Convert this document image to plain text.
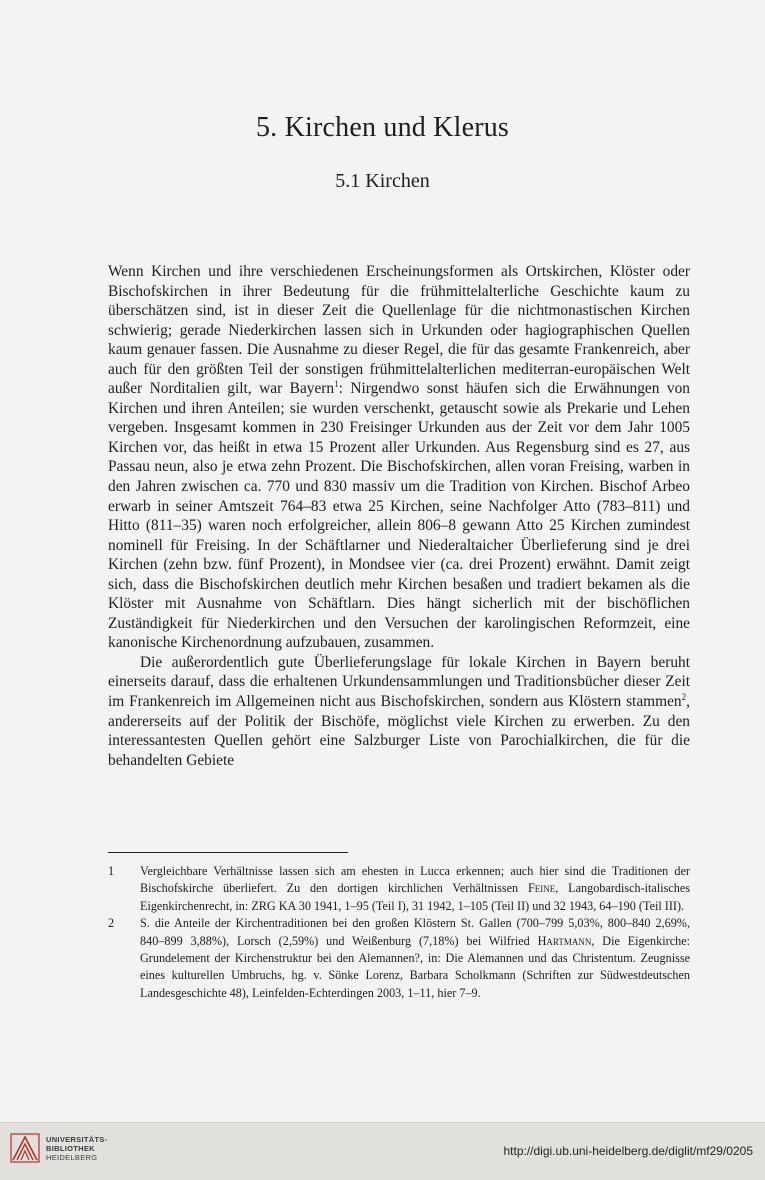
5. Kirchen und Klerus
5.1 Kirchen

Wenn Kirchen und ihre verschiedenen Erscheinungsformen als Ortskirchen, Klöster oder Bischofskirchen in ihrer Bedeutung für die frühmittelalterliche Geschichte kaum zu überschätzen sind, ist in dieser Zeit die Quellenlage für die nichtmonastischen Kirchen schwierig; gerade Niederkirchen lassen sich in Urkunden oder hagiographischen Quellen kaum genauer fassen. Die Ausnahme zu dieser Regel, die für das gesamte Frankenreich, aber auch für den größten Teil der sonstigen frühmittelalterlichen mediterran-europäischen Welt außer Norditalien gilt, war Bayern$^1$: Nirgendwo sonst häufen sich die Erwähnungen von Kirchen und ihren Anteilen; sie wurden verschenkt, getauscht sowie als Prekarie und Lehen vergeben. Insgesamt kommen in 230 Freisinger Urkunden aus der Zeit vor dem Jahr 1005 Kirchen vor, das heißt in etwa 15 Prozent aller Urkunden. Aus Regensburg sind es 27, aus Passau neun, also je etwa zehn Prozent. Die Bischofskirchen, allen voran Freising, warben in den Jahren zwischen ca. 770 und 830 massiv um die Tradition von Kirchen. Bischof Arbeo erwarb in seiner Amtszeit 764–83 etwa 25 Kirchen, seine Nachfolger Atto (783–811) und Hitto (811–35) waren noch erfolgreicher, allein 806–8 gewann Atto 25 Kirchen zumindest nominell für Freising. In der Schäftlarner und Niederaltaicher Überlieferung sind je drei Kirchen (zehn bzw. fünf Prozent), in Mondsee vier (ca. drei Prozent) erwähnt. Damit zeigt sich, dass die Bischofskirchen deutlich mehr Kirchen besaßen und tradiert bekamen als die Klöster mit Ausnahme von Schäftlarn. Dies hängt sicherlich mit der bischöflichen Zuständigkeit für Niederkirchen und den Versuchen der karolingischen Reformzeit, eine kanonische Kirchenordnung aufzubauen, zusammen.

Die außerordentlich gute Überlieferungslage für lokale Kirchen in Bayern beruht einerseits darauf, dass die erhaltenen Urkundensammlungen und Traditionsbücher dieser Zeit im Frankenreich im Allgemeinen nicht aus Bischofskirchen, sondern aus Klöstern stammen$^2$, andererseits auf der Politik der Bischöfe, möglichst viele Kirchen zu erwerben. Zu den interessantesten Quellen gehört eine Salzburger Liste von Parochialkirchen, die für die behandelten Gebiete

1	Vergleichbare Verhältnisse lassen sich am ehesten in Lucca erkennen; auch hier sind die Traditionen der Bischofskirche überliefert. Zu den dortigen kirchlichen Verhältnissen Feine, Langobardisch-italisches Eigenkirchenrecht, in: ZRG KA 30 1941, 1–95 (Teil I), 31 1942, 1–105 (Teil II) und 32 1943, 64–190 (Teil III).
2	S. die Anteile der Kirchentraditionen bei den großen Klöstern St. Gallen (700–799 5,03%, 800–840 2,69%, 840–899 3,88%), Lorsch (2,59%) und Weißenburg (7,18%) bei Wilfried Hartmann, Die Eigenkirche: Grundelement der Kirchenstruktur bei den Alemannen?, in: Die Alemannen und das Christentum. Zeugnisse eines kulturellen Umbruchs, hg. v. Sönke Lorenz, Barbara Scholkmann (Schriften zur Südwestdeutschen Landesgeschichte 48), Leinfelden-Echterdingen 2003, 1–11, hier 7–9.
UNIVERSITÄTS-
BIBLIOTHEK
HEIDELBERG	http://digi.ub.uni-heidelberg.de/diglit/mf29/0205
